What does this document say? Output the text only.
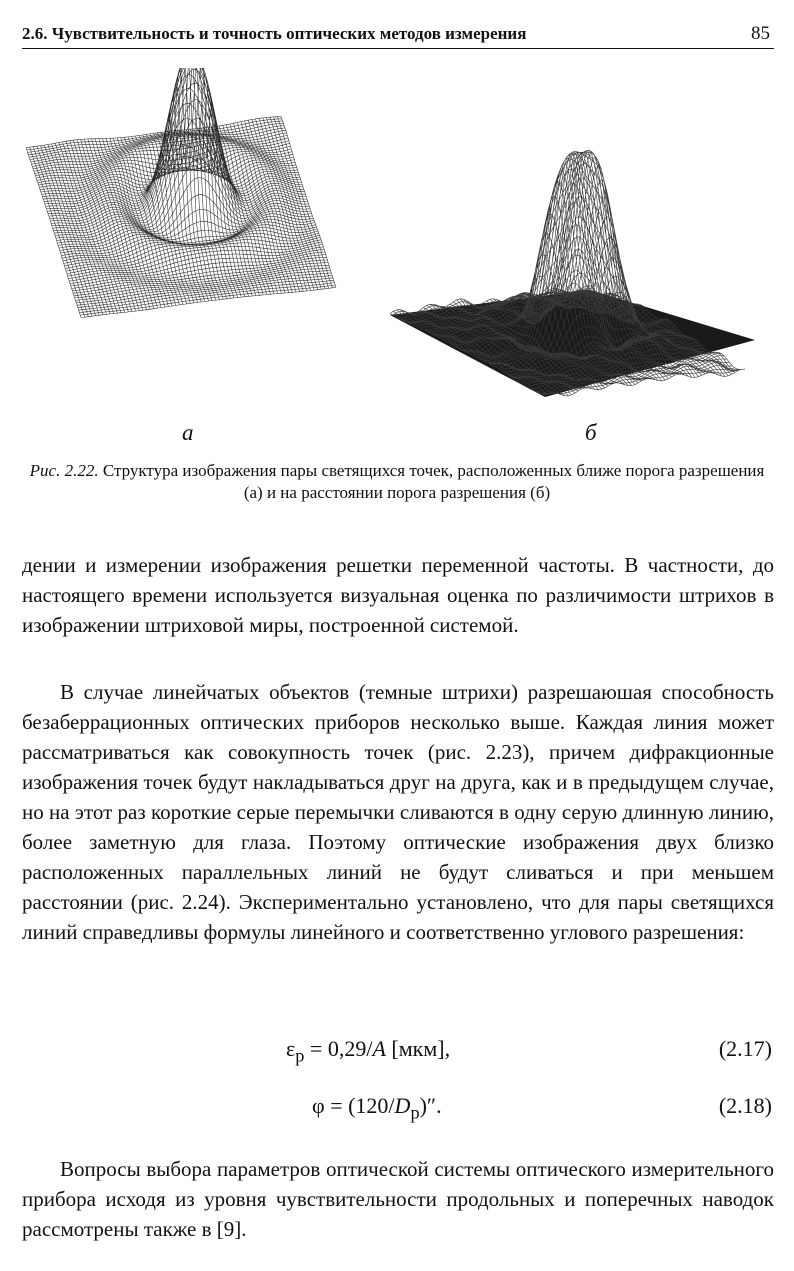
2.6. Чувствительность и точность оптических методов измерения	85
а	б
Рис. 2.22. Структура изображения пары светящихся точек, расположенных ближе порога разрешения (а) и на расстоянии порога разрешения (б)

дении и измерении изображения решетки переменной частоты. В частности, до настоящего времени используется визуальная оценка по различимости штрихов в изображении штриховой миры, построенной системой.

В случае линейчатых объектов (темные штрихи) разрешаюшая способность безаберрационных оптических приборов несколько выше. Каждая линия может рассматриваться как совокупность точек (рис. 2.23), причем дифракционные изображения точек будут накладываться друг на друга, как и в предыдущем случае, но на этот раз короткие серые перемычки сливаются в одну серую длинную линию, более заметную для глаза. Поэтому оптические изображения двух близко расположенных параллельных линий не будут сливаться и при меньшем расстоянии (рис. 2.24). Экспериментально установлено, что для пары светящихся линий справедливы формулы линейного и соответственно углового разрешения:

$\varepsilon_р = 0,29/A$ [мкм],	(2.17)
$\varphi = (120/D_р)''$.	(2.18)

Вопросы выбора параметров оптической системы оптического измерительного прибора исходя из уровня чувствительности продольных и поперечных наводок рассмотрены также в [9].
